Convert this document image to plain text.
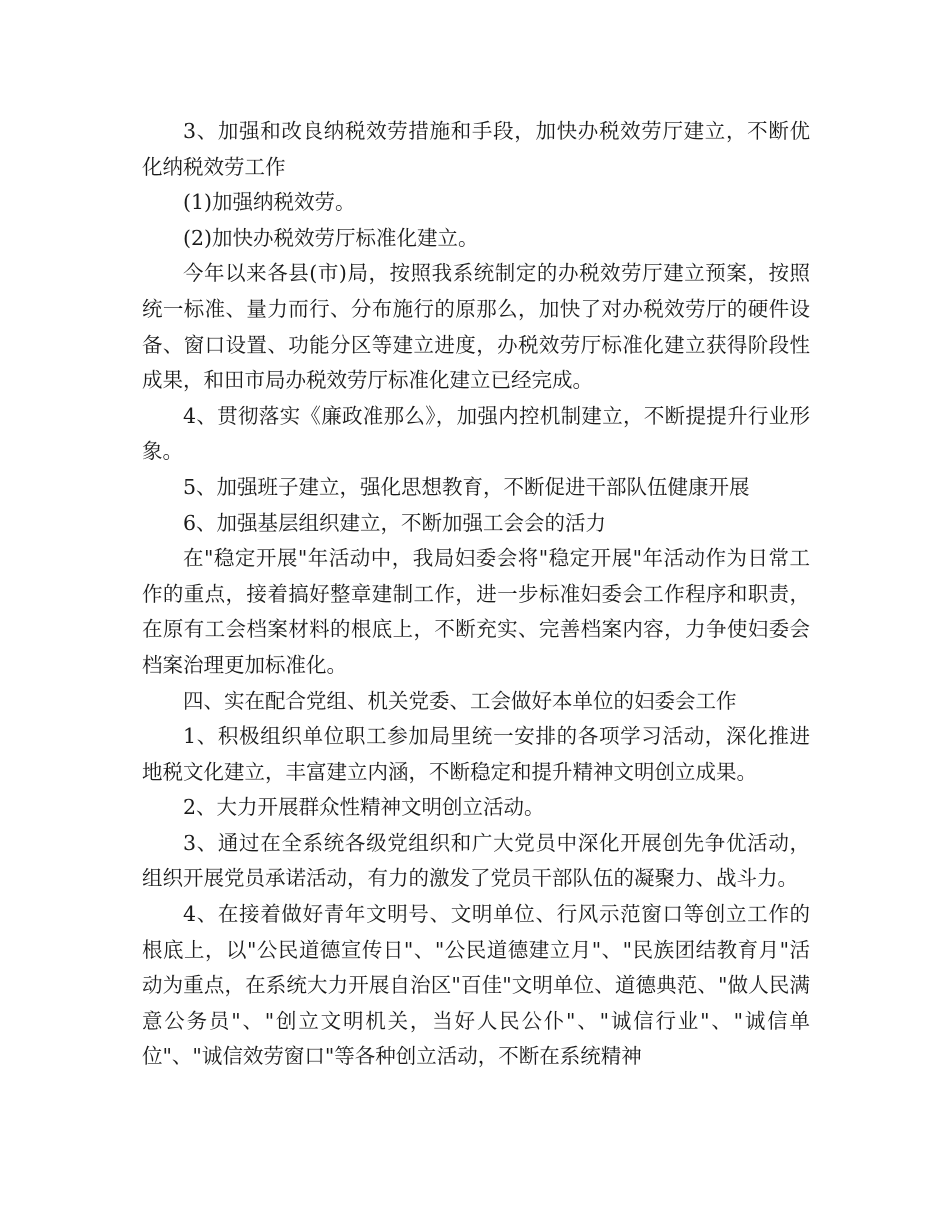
3、加强和改良纳税效劳措施和手段，加快办税效劳厅建立，不断优化纳税效劳工作

(1)加强纳税效劳。

(2)加快办税效劳厅标准化建立。

今年以来各县(市)局，按照我系统制定的办税效劳厅建立预案，按照统一标准、量力而行、分布施行的原那么，加快了对办税效劳厅的硬件设备、窗口设置、功能分区等建立进度，办税效劳厅标准化建立获得阶段性成果，和田市局办税效劳厅标准化建立已经完成。

4、贯彻落实《廉政准那么》，加强内控机制建立，不断提提升行业形象。

5、加强班子建立，强化思想教育，不断促进干部队伍健康开展

6、加强基层组织建立，不断加强工会会的活力

在"稳定开展"年活动中，我局妇委会将"稳定开展"年活动作为日常工作的重点，接着搞好整章建制工作，进一步标准妇委会工作程序和职责，在原有工会档案材料的根底上，不断充实、完善档案内容，力争使妇委会档案治理更加标准化。

四、实在配合党组、机关党委、工会做好本单位的妇委会工作

1、积极组织单位职工参加局里统一安排的各项学习活动，深化推进地税文化建立，丰富建立内涵，不断稳定和提升精神文明创立成果。

2、大力开展群众性精神文明创立活动。

3、通过在全系统各级党组织和广大党员中深化开展创先争优活动，组织开展党员承诺活动，有力的激发了党员干部队伍的凝聚力、战斗力。

4、在接着做好青年文明号、文明单位、行风示范窗口等创立工作的根底上，以"公民道德宣传日"、"公民道德建立月"、"民族团结教育月"活动为重点，在系统大力开展自治区"百佳"文明单位、道德典范、"做人民满意公务员"、"创立文明机关，当好人民公仆"、"诚信行业"、"诚信单位"、"诚信效劳窗口"等各种创立活动，不断在系统精神
